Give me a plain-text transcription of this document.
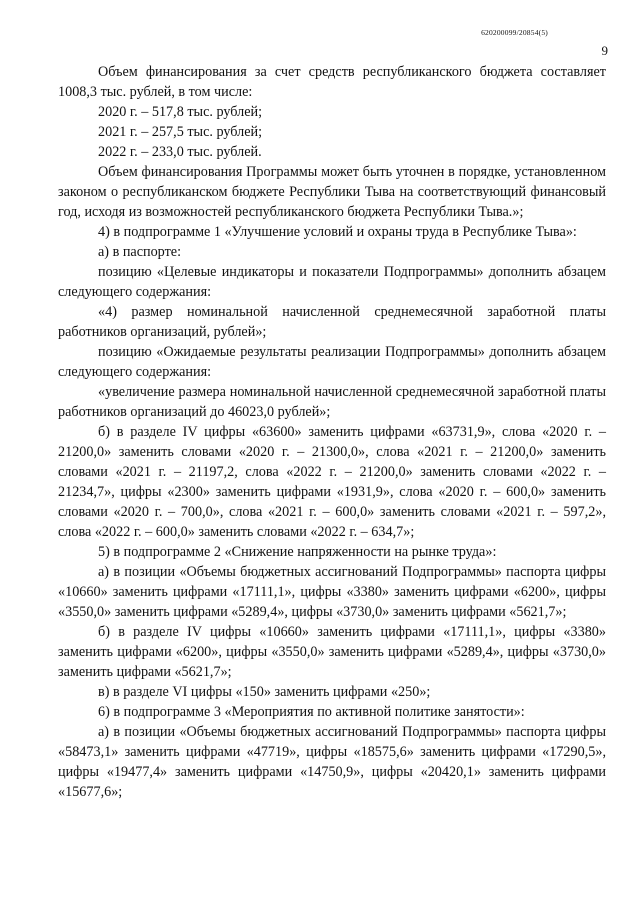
620200099/20854(5)
9

Объем финансирования за счет средств республиканского бюджета составляет 1008,3 тыс. рублей, в том числе:

2020 г. – 517,8 тыс. рублей;

2021 г. – 257,5 тыс. рублей;

2022 г. – 233,0 тыс. рублей.

Объем финансирования Программы может быть уточнен в порядке, установленном законом о республиканском бюджете Республики Тыва на соответствующий финансовый год, исходя из возможностей республиканского бюджета Республики Тыва.»;

4) в подпрограмме 1 «Улучшение условий и охраны труда в Республике Тыва»:

а) в паспорте:

позицию «Целевые индикаторы и показатели Подпрограммы» дополнить абзацем следующего содержания:

«4) размер номинальной начисленной среднемесячной заработной платы работников организаций, рублей»;

позицию «Ожидаемые результаты реализации Подпрограммы» дополнить абзацем следующего содержания:

«увеличение размера номинальной начисленной среднемесячной заработной платы работников организаций до 46023,0 рублей»;

б) в разделе IV цифры «63600» заменить цифрами «63731,9», слова «2020 г. – 21200,0» заменить словами «2020 г. – 21300,0», слова «2021 г. – 21200,0» заменить словами «2021 г. – 21197,2, слова «2022 г. – 21200,0» заменить словами «2022 г. – 21234,7», цифры «2300» заменить цифрами «1931,9», слова «2020 г. – 600,0» заменить словами «2020 г. – 700,0», слова «2021 г. – 600,0» заменить словами «2021 г. – 597,2», слова «2022 г. – 600,0» заменить словами «2022 г. – 634,7»;

5) в подпрограмме 2 «Снижение напряженности на рынке труда»:

а) в позиции «Объемы бюджетных ассигнований Подпрограммы» паспорта цифры «10660» заменить цифрами «17111,1», цифры «3380» заменить цифрами «6200», цифры «3550,0» заменить цифрами «5289,4», цифры «3730,0» заменить цифрами «5621,7»;

б) в разделе IV цифры «10660» заменить цифрами «17111,1», цифры «3380» заменить цифрами «6200», цифры «3550,0» заменить цифрами «5289,4», цифры «3730,0» заменить цифрами «5621,7»;

в) в разделе VI цифры «150» заменить цифрами «250»;

6) в подпрограмме 3 «Мероприятия по активной политике занятости»:

а) в позиции «Объемы бюджетных ассигнований Подпрограммы» паспорта цифры «58473,1» заменить цифрами «47719», цифры «18575,6» заменить цифрами «17290,5», цифры «19477,4» заменить цифрами «14750,9», цифры «20420,1» заменить цифрами «15677,6»;
